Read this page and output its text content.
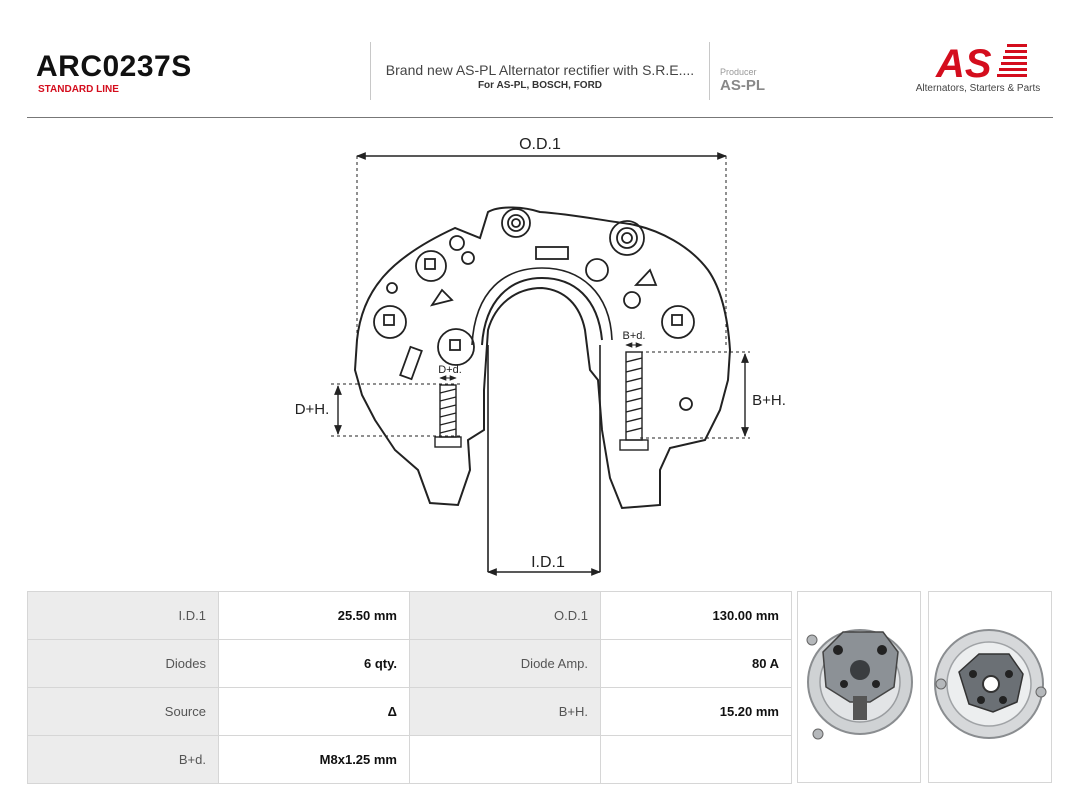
ARC0237S
STANDARD LINE
Brand new AS-PL Alternator rectifier with S.R.E....
For AS-PL, BOSCH, FORD
Producer
AS-PL	AS
Alternators, Starters & Parts
O.D.1
I.D.1
D+H.
B+H.
D+d.
B+d.
I.D.1	25.50 mm	O.D.1	130.00 mm
Diodes	6 qty.	Diode Amp.	80 A
Source	Δ	B+H.	15.20 mm
B+d.	M8x1.25 mm		
